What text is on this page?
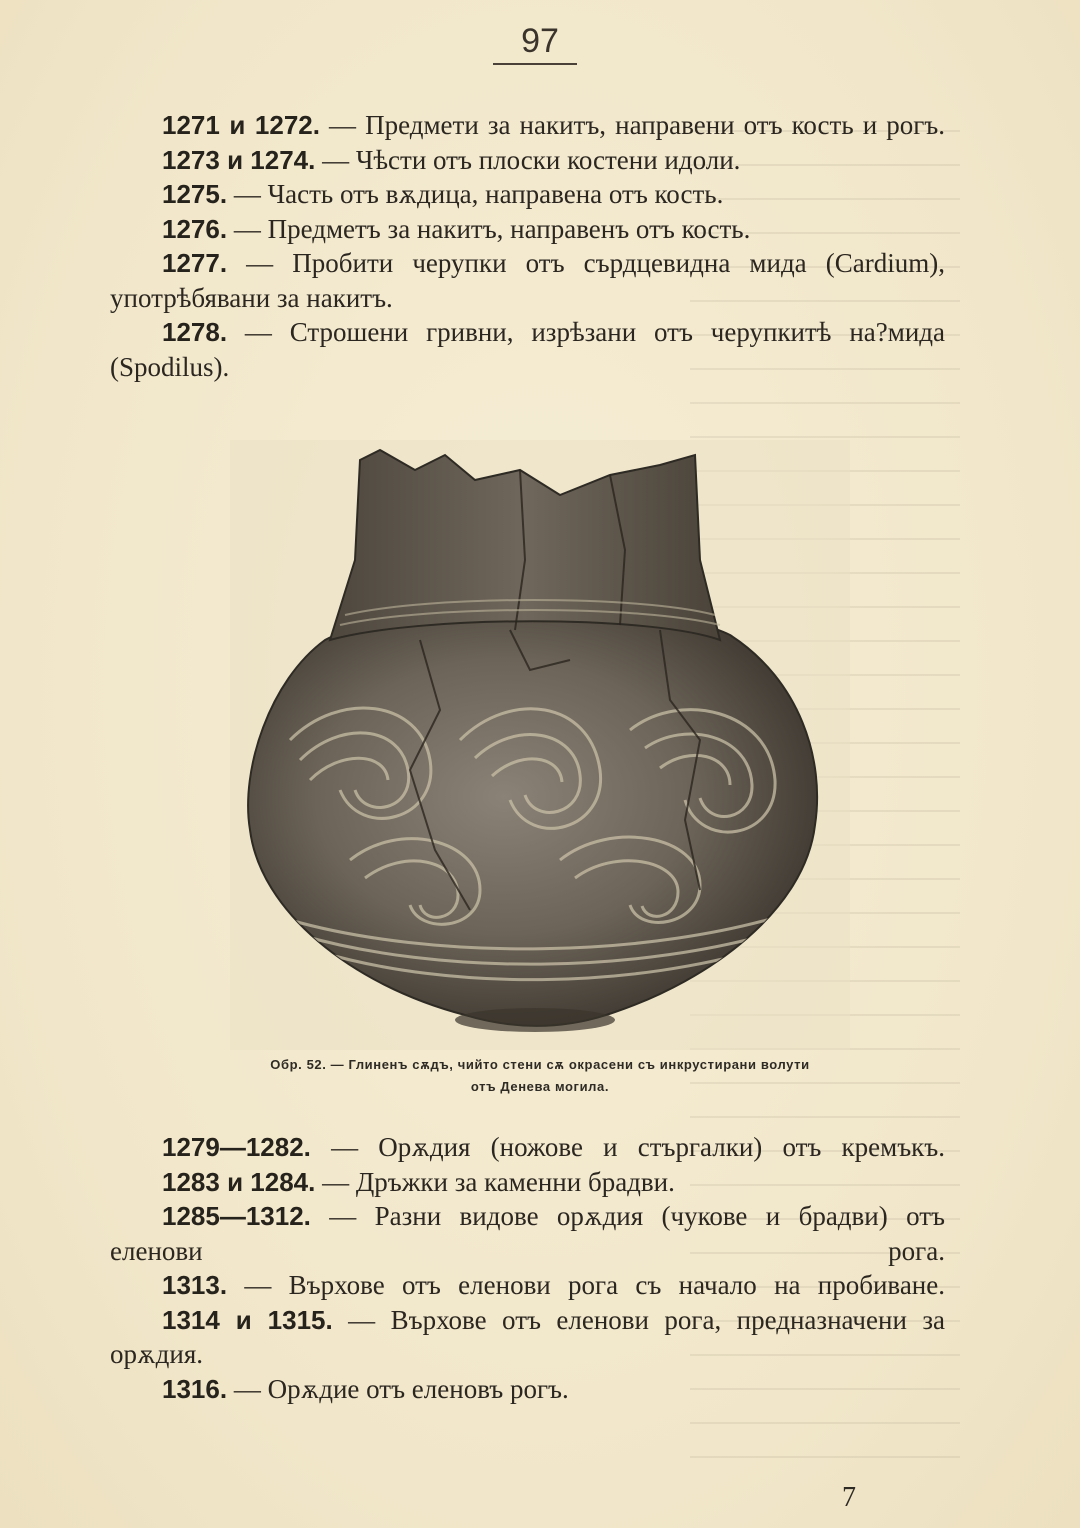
97

1271 и 1272. — Предмети за накитъ, направени отъ кость и рогъ.

1273 и 1274. — Чѣсти отъ плоски костени идоли.

1275. — Часть отъ вѫдица, направена отъ кость.

1276. — Предметъ за накитъ, направенъ отъ кость.

1277. — Пробити черупки отъ сърдцевидна мида (Cardium), употрѣбявани за накитъ.

1278. — Строшени гривни, изрѣзани отъ черупкитѣ на?мида (Spodilus).

Обр. 52. — Глиненъ сѫдъ, чийто стени сѫ окрасени съ инкрустирани волути
отъ Денева могила.

1279—1282. — Орѫдия (ножове и стъргалки) отъ кремъкъ.

1283 и 1284. — Дръжки за каменни брадви.

1285—1312. — Разни видове орѫдия (чукове и брадви) отъ еленови рога.

1313. — Върхове отъ еленови рога съ начало на пробиване.

1314 и 1315. — Върхове отъ еленови рога, предназначени за орѫдия.

1316. — Орѫдие отъ еленовъ рогъ.

7
